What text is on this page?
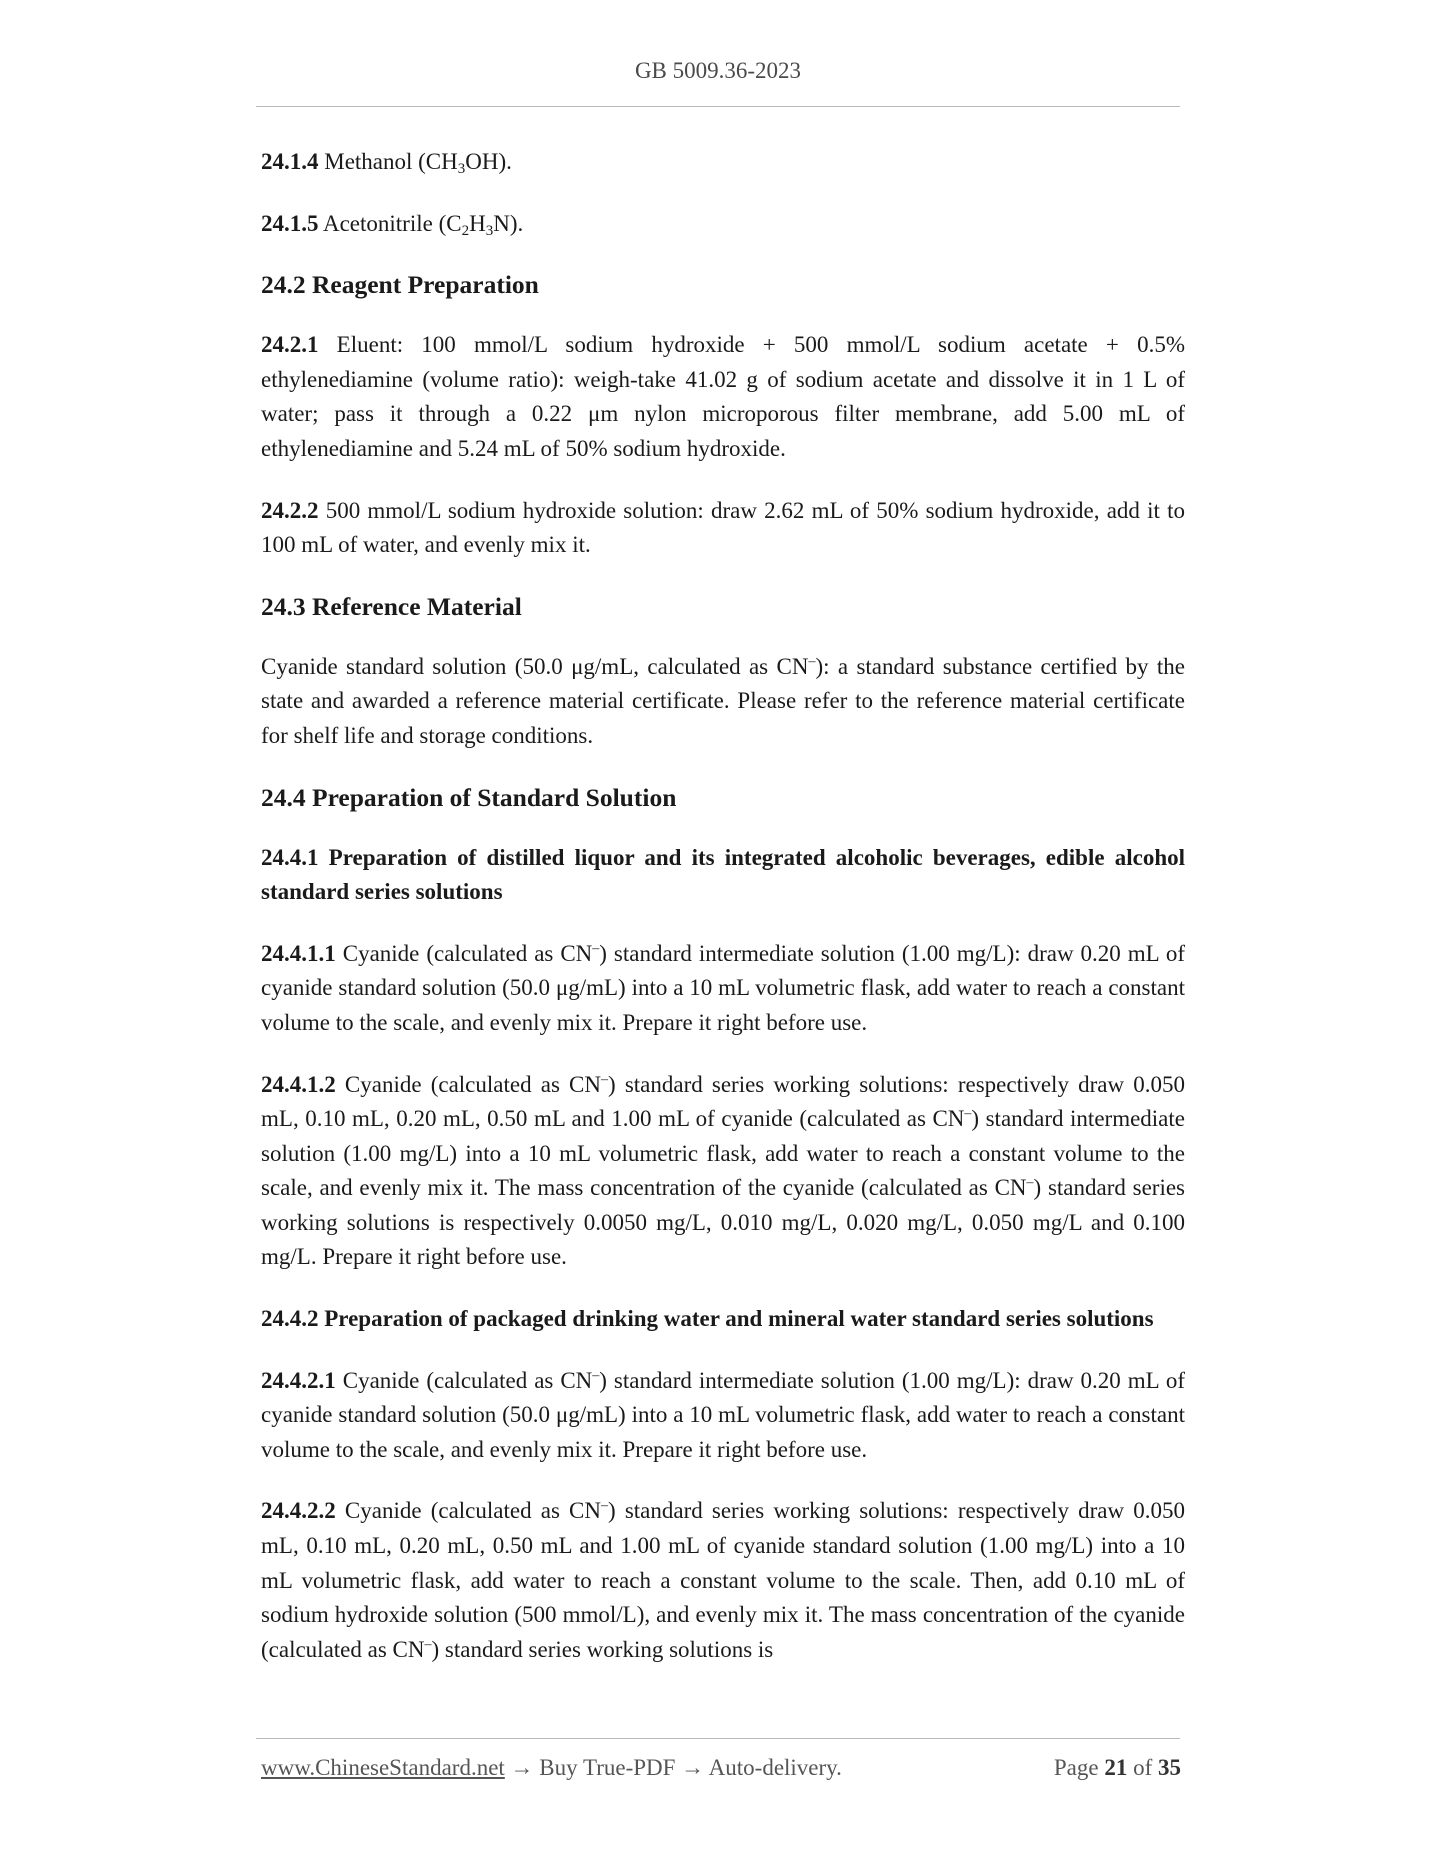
GB 5009.36-2023

24.1.4 Methanol $(CH_3OH)$.

24.1.5 Acetonitrile $(C_2H_3N)$.

24.2 Reagent Preparation

24.2.1 Eluent: 100 mmol/L sodium hydroxide + 500 mmol/L sodium acetate + 0.5% ethylenediamine (volume ratio): weigh-take 41.02 g of sodium acetate and dissolve it in 1 L of water; pass it through a 0.22 μm nylon microporous filter membrane, add 5.00 mL of ethylenediamine and 5.24 mL of 50% sodium hydroxide.

24.2.2 500 mmol/L sodium hydroxide solution: draw 2.62 mL of 50% sodium hydroxide, add it to 100 mL of water, and evenly mix it.

24.3 Reference Material

Cyanide standard solution (50.0 μg/mL, calculated as CN–): a standard substance certified by the state and awarded a reference material certificate. Please refer to the reference material certificate for shelf life and storage conditions.

24.4 Preparation of Standard Solution
24.4.1 Preparation of distilled liquor and its integrated alcoholic beverages, edible alcohol standard series solutions

24.4.1.1 Cyanide (calculated as CN–) standard intermediate solution (1.00 mg/L): draw 0.20 mL of cyanide standard solution (50.0 μg/mL) into a 10 mL volumetric flask, add water to reach a constant volume to the scale, and evenly mix it. Prepare it right before use.

24.4.1.2 Cyanide (calculated as CN–) standard series working solutions: respectively draw 0.050 mL, 0.10 mL, 0.20 mL, 0.50 mL and 1.00 mL of cyanide (calculated as CN–) standard intermediate solution (1.00 mg/L) into a 10 mL volumetric flask, add water to reach a constant volume to the scale, and evenly mix it. The mass concentration of the cyanide (calculated as CN–) standard series working solutions is respectively 0.0050 mg/L, 0.010 mg/L, 0.020 mg/L, 0.050 mg/L and 0.100 mg/L. Prepare it right before use.

24.4.2 Preparation of packaged drinking water and mineral water standard series solutions

24.4.2.1 Cyanide (calculated as CN–) standard intermediate solution (1.00 mg/L): draw 0.20 mL of cyanide standard solution (50.0 μg/mL) into a 10 mL volumetric flask, add water to reach a constant volume to the scale, and evenly mix it. Prepare it right before use.

24.4.2.2 Cyanide (calculated as CN–) standard series working solutions: respectively draw 0.050 mL, 0.10 mL, 0.20 mL, 0.50 mL and 1.00 mL of cyanide standard solution (1.00 mg/L) into a 10 mL volumetric flask, add water to reach a constant volume to the scale. Then, add 0.10 mL of sodium hydroxide solution (500 mmol/L), and evenly mix it. The mass concentration of the cyanide (calculated as CN–) standard series working solutions is

www.ChineseStandard.net → Buy True-PDF → Auto-delivery.	Page 21 of 35
